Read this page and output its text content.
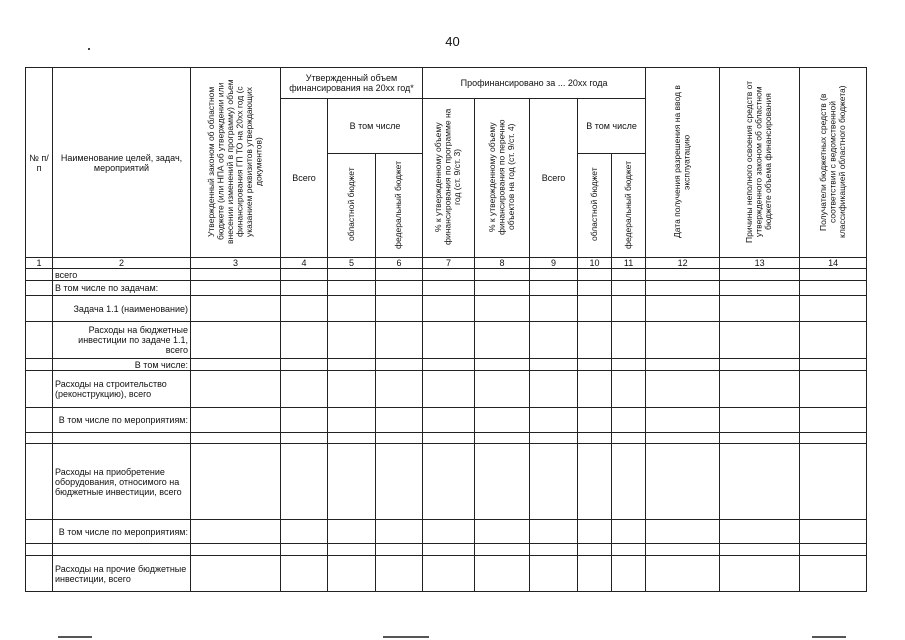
40
№ п/п	Наименование целей, задач, мероприятий	Утвержденный законом об областном бюджете (или НПА об утверждении или внесении изменений в программу) объем финансирования ГП ТО на 20хх год (с указанием реквизитов утверждающих документов)	Утвержденный объем финансирования на 20хх год*			Профинансировано за ... 20хх года					Дата получения разрешения на ввод в эксплуатацию	Причины неполного освоения средств от утвержденного законом об областном бюджете объема финансирования	Получатели бюджетных средств (в соответствии с ведомственной классификацией областного бюджета)
			Всего	В том числе		% к утвержденному объему финансирования по программе на год (ст. 9/ст. 3)	% к утвержденному объему финансирования по перечню объектов на год (ст. 9/ст. 4)	Всего	В том числе				
				областной бюджет	федеральный бюджет				областной бюджет	федеральный бюджет			
1	2	3	4	5	6	7	8	9	10	11	12	13	14
	всего												
	В том числе по задачам:												
	Задача 1.1 (наименование)												
	Расходы на бюджетные инвестиции по задаче 1.1, всего												
	В том числе:												
	Расходы на строительство (реконструкцию), всего												
	В том числе по мероприятиям:												

	Расходы на приобретение оборудования, относимого на бюджетные инвестиции, всего												
	В том числе по мероприятиям:												

	Расходы на прочие бюджетные инвестиции, всего												
